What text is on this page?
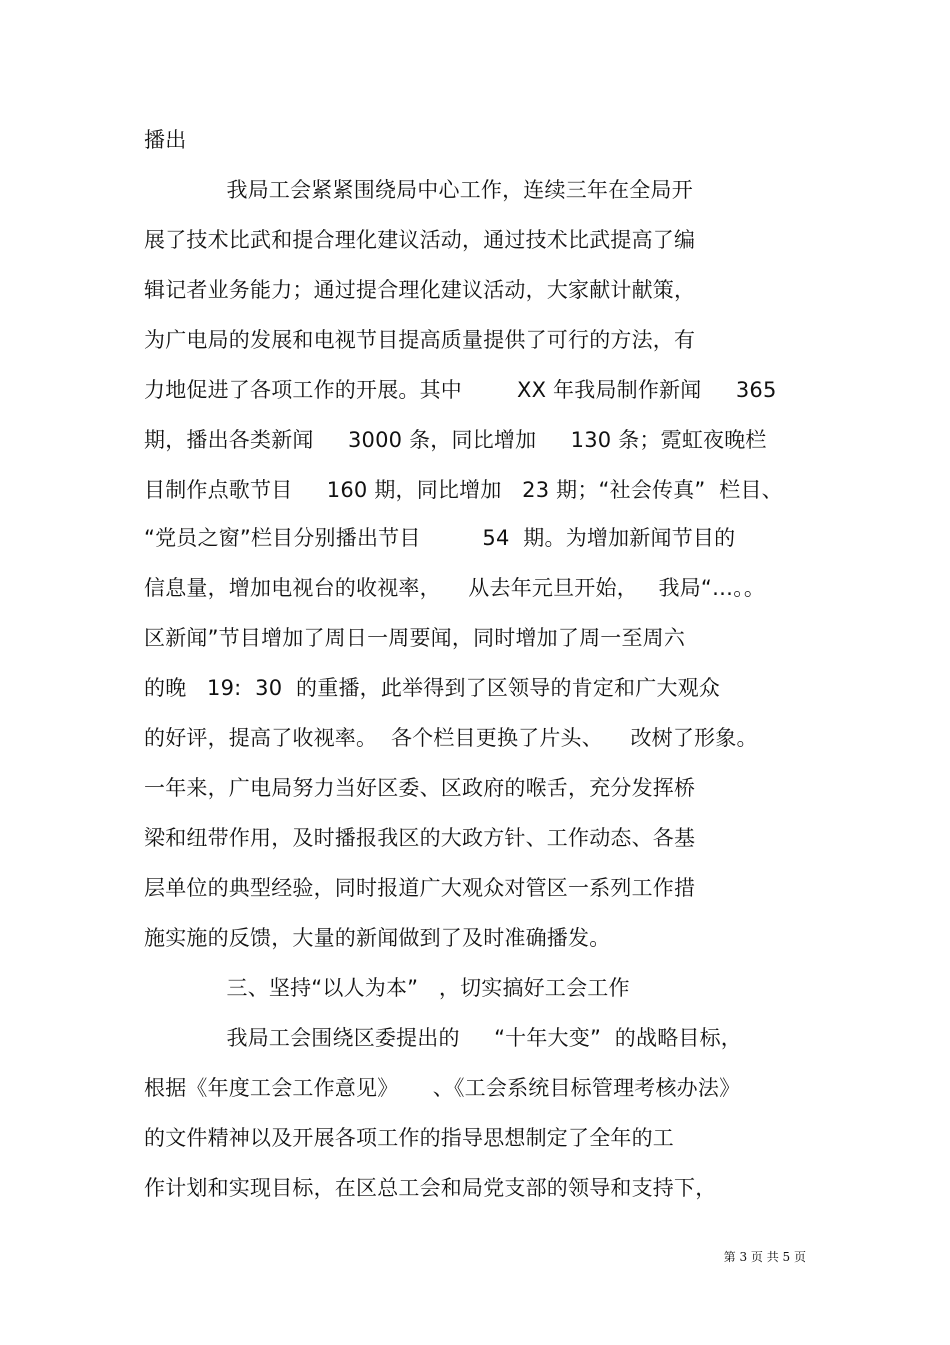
播出
我局工会紧紧围绕局中心工作，连续三年在全局开
展了技术比武和提合理化建议活动，通过技术比武提高了编
辑记者业务能力；通过提合理化建议活动，大家献计献策，
为广电局的发展和电视节目提高质量提供了可行的方法，有
力地促进了各项工作的开展。其中        XX 年我局制作新闻     365
期，播出各类新闻     3000 条，同比增加     130 条；霓虹夜晚栏
目制作点歌节目     160 期，同比增加   23 期；“社会传真”  栏目、
“党员之窗”栏目分别播出节目         54  期。为增加新闻节目的
信息量，增加电视台的收视率，    从去年元旦开始，   我局“…。。
区新闻”节目增加了周日一周要闻，同时增加了周一至周六
的晚   19:  30  的重播，此举得到了区领导的肯定和广大观众
的好评，提高了收视率。  各个栏目更换了片头、    改树了形象。
一年来，广电局努力当好区委、区政府的喉舌，充分发挥桥
梁和纽带作用，及时播报我区的大政方针、工作动态、各基
层单位的典型经验，同时报道广大观众对管区一系列工作措
施实施的反馈，大量的新闻做到了及时准确播发。
三、坚持“以人为本”   ，切实搞好工会工作
我局工会围绕区委提出的     “十年大变”  的战略目标，
根据《年度工会工作意见》     、《工会系统目标管理考核办法》
的文件精神以及开展各项工作的指导思想制定了全年的工
作计划和实现目标，在区总工会和局党支部的领导和支持下，
第 3 页 共 5 页
